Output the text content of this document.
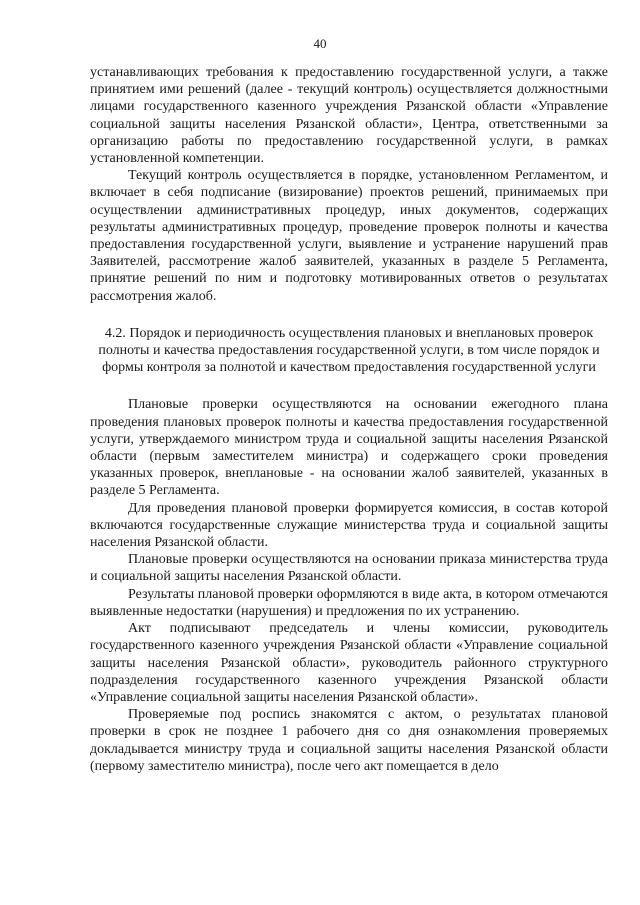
40

устанавливающих требования к предоставлению государственной услуги, а также принятием ими решений (далее - текущий контроль) осуществляется должностными лицами государственного казенного учреждения Рязанской области «Управление социальной защиты населения Рязанской области», Центра, ответственными за организацию работы по предоставлению государственной услуги, в рамках установленной компетенции.

Текущий контроль осуществляется в порядке, установленном Регламентом, и включает в себя подписание (визирование) проектов решений, принимаемых при осуществлении административных процедур, иных документов, содержащих результаты административных процедур, проведение проверок полноты и качества предоставления государственной услуги, выявление и устранение нарушений прав Заявителей, рассмотрение жалоб заявителей, указанных в разделе 5 Регламента, принятие решений по ним и подготовку мотивированных ответов о результатах рассмотрения жалоб.

4.2. Порядок и периодичность осуществления плановых и внеплановых проверок полноты и качества предоставления государственной услуги, в том числе порядок и формы контроля за полнотой и качеством предоставления государственной услуги

Плановые проверки осуществляются на основании ежегодного плана проведения плановых проверок полноты и качества предоставления государственной услуги, утверждаемого министром труда и социальной защиты населения Рязанской области (первым заместителем министра) и содержащего сроки проведения указанных проверок, внеплановые - на основании жалоб заявителей, указанных в разделе 5 Регламента.

Для проведения плановой проверки формируется комиссия, в состав которой включаются государственные служащие министерства труда и социальной защиты населения Рязанской области.

Плановые проверки осуществляются на основании приказа министерства труда и социальной защиты населения Рязанской области.

Результаты плановой проверки оформляются в виде акта, в котором отмечаются выявленные недостатки (нарушения) и предложения по их устранению.

Акт подписывают председатель и члены комиссии, руководитель государственного казенного учреждения Рязанской области «Управление социальной защиты населения Рязанской области», руководитель районного структурного подразделения государственного казенного учреждения Рязанской области «Управление социальной защиты населения Рязанской области».

Проверяемые под роспись знакомятся с актом, о результатах плановой проверки в срок не позднее 1 рабочего дня со дня ознакомления проверяемых докладывается министру труда и социальной защиты населения Рязанской области (первому заместителю министра), после чего акт помещается в дело
